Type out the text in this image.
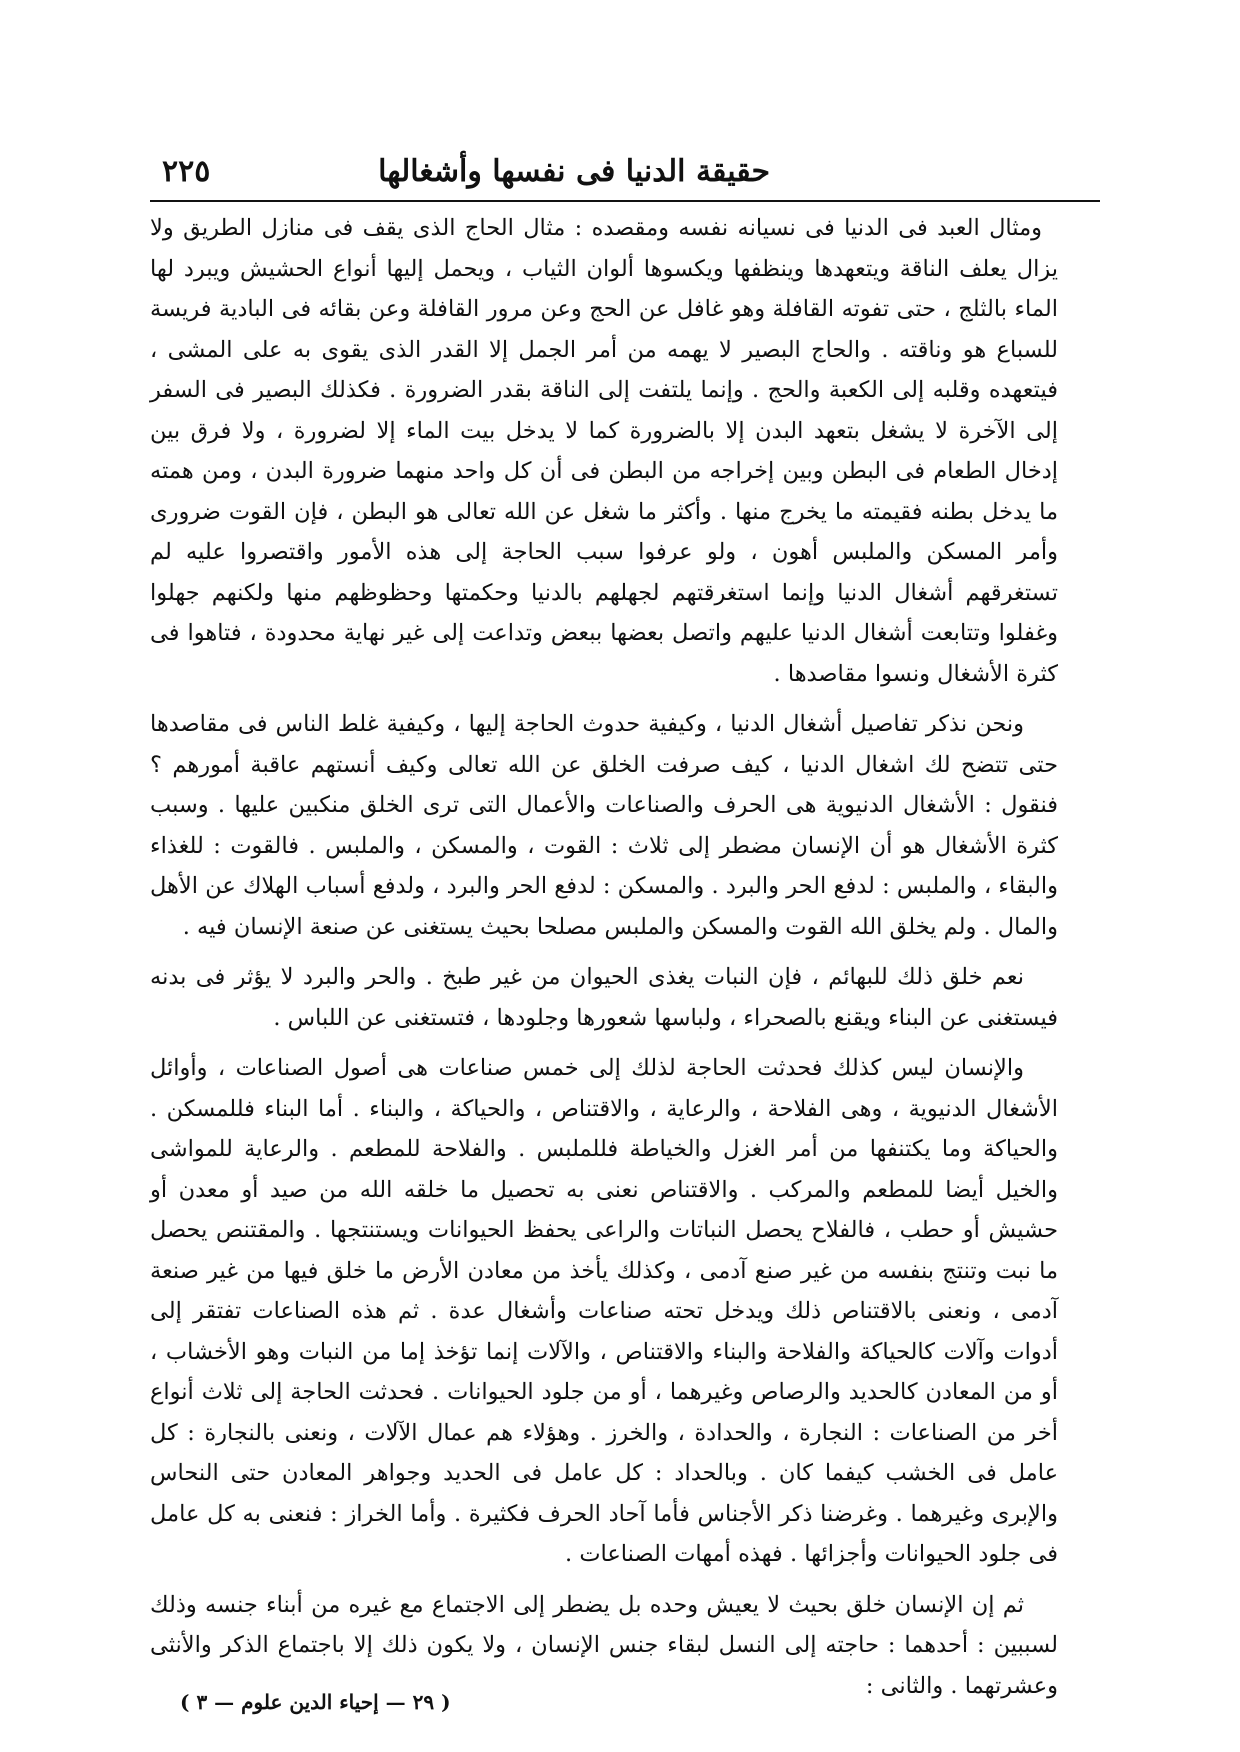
حقيقة الدنيا فى نفسها وأشغالها
٢٢٥

ومثال العبد فى الدنيا فى نسيانه نفسه ومقصده : مثال الحاج الذى يقف فى منازل الطريق ولا يزال يعلف الناقة ويتعهدها وينظفها ويكسوها ألوان الثياب ، ويحمل إليها أنواع الحشيش ويبرد لها الماء بالثلج ، حتى تفوته القافلة وهو غافل عن الحج وعن مرور القافلة وعن بقائه فى البادية فريسة للسباع هو وناقته . والحاج البصير لا يهمه من أمر الجمل إلا القدر الذى يقوى به على المشى ، فيتعهده وقلبه إلى الكعبة والحج . وإنما يلتفت إلى الناقة بقدر الضرورة . فكذلك البصير فى السفر إلى الآخرة لا يشغل بتعهد البدن إلا بالضرورة كما لا يدخل بيت الماء إلا لضرورة ، ولا فرق بين إدخال الطعام فى البطن وبين إخراجه من البطن فى أن كل واحد منهما ضرورة البدن ، ومن همته ما يدخل بطنه فقيمته ما يخرج منها . وأكثر ما شغل عن الله تعالى هو البطن ، فإن القوت ضرورى وأمر المسكن والملبس أهون ، ولو عرفوا سبب الحاجة إلى هذه الأمور واقتصروا عليه لم تستغرقهم أشغال الدنيا وإنما استغرقتهم لجهلهم بالدنيا وحكمتها وحظوظهم منها ولكنهم جهلوا وغفلوا وتتابعت أشغال الدنيا عليهم واتصل بعضها ببعض وتداعت إلى غير نهاية محدودة ، فتاهوا فى كثرة الأشغال ونسوا مقاصدها .

ونحن نذكر تفاصيل أشغال الدنيا ، وكيفية حدوث الحاجة إليها ، وكيفية غلط الناس فى مقاصدها حتى تتضح لك اشغال الدنيا ، كيف صرفت الخلق عن الله تعالى وكيف أنستهم عاقبة أمورهم ؟ فنقول : الأشغال الدنيوية هى الحرف والصناعات والأعمال التى ترى الخلق منكبين عليها . وسبب كثرة الأشغال هو أن الإنسان مضطر إلى ثلاث : القوت ، والمسكن ، والملبس . فالقوت : للغذاء والبقاء ، والملبس : لدفع الحر والبرد . والمسكن : لدفع الحر والبرد ، ولدفع أسباب الهلاك عن الأهل والمال . ولم يخلق الله القوت والمسكن والملبس مصلحا بحيث يستغنى عن صنعة الإنسان فيه .

نعم خلق ذلك للبهائم ، فإن النبات يغذى الحيوان من غير طبخ . والحر والبرد لا يؤثر فى بدنه فيستغنى عن البناء ويقنع بالصحراء ، ولباسها شعورها وجلودها ، فتستغنى عن اللباس .

والإنسان ليس كذلك فحدثت الحاجة لذلك إلى خمس صناعات هى أصول الصناعات ، وأوائل الأشغال الدنيوية ، وهى الفلاحة ، والرعاية ، والاقتناص ، والحياكة ، والبناء . أما البناء فللمسكن . والحياكة وما يكتنفها من أمر الغزل والخياطة فللملبس . والفلاحة للمطعم . والرعاية للمواشى والخيل أيضا للمطعم والمركب . والاقتناص نعنى به تحصيل ما خلقه الله من صيد أو معدن أو حشيش أو حطب ، فالفلاح يحصل النباتات والراعى يحفظ الحيوانات ويستنتجها . والمقتنص يحصل ما نبت وتنتج بنفسه من غير صنع آدمى ، وكذلك يأخذ من معادن الأرض ما خلق فيها من غير صنعة آدمى ، ونعنى بالاقتناص ذلك ويدخل تحته صناعات وأشغال عدة . ثم هذه الصناعات تفتقر إلى أدوات وآلات كالحياكة والفلاحة والبناء والاقتناص ، والآلات إنما تؤخذ إما من النبات وهو الأخشاب ، أو من المعادن كالحديد والرصاص وغيرهما ، أو من جلود الحيوانات . فحدثت الحاجة إلى ثلاث أنواع أخر من الصناعات : النجارة ، والحدادة ، والخرز . وهؤلاء هم عمال الآلات ، ونعنى بالنجارة : كل عامل فى الخشب كيفما كان . وبالحداد : كل عامل فى الحديد وجواهر المعادن حتى النحاس والإبرى وغيرهما . وغرضنا ذكر الأجناس فأما آحاد الحرف فكثيرة . وأما الخراز : فنعنى به كل عامل فى جلود الحيوانات وأجزائها . فهذه أمهات الصناعات .

ثم إن الإنسان خلق بحيث لا يعيش وحده بل يضطر إلى الاجتماع مع غيره من أبناء جنسه وذلك لسببين : أحدهما : حاجته إلى النسل لبقاء جنس الإنسان ، ولا يكون ذلك إلا باجتماع الذكر والأنثى وعشرتهما . والثانى :

( ٢٩ — إحياء الدين علوم — ٣ )
